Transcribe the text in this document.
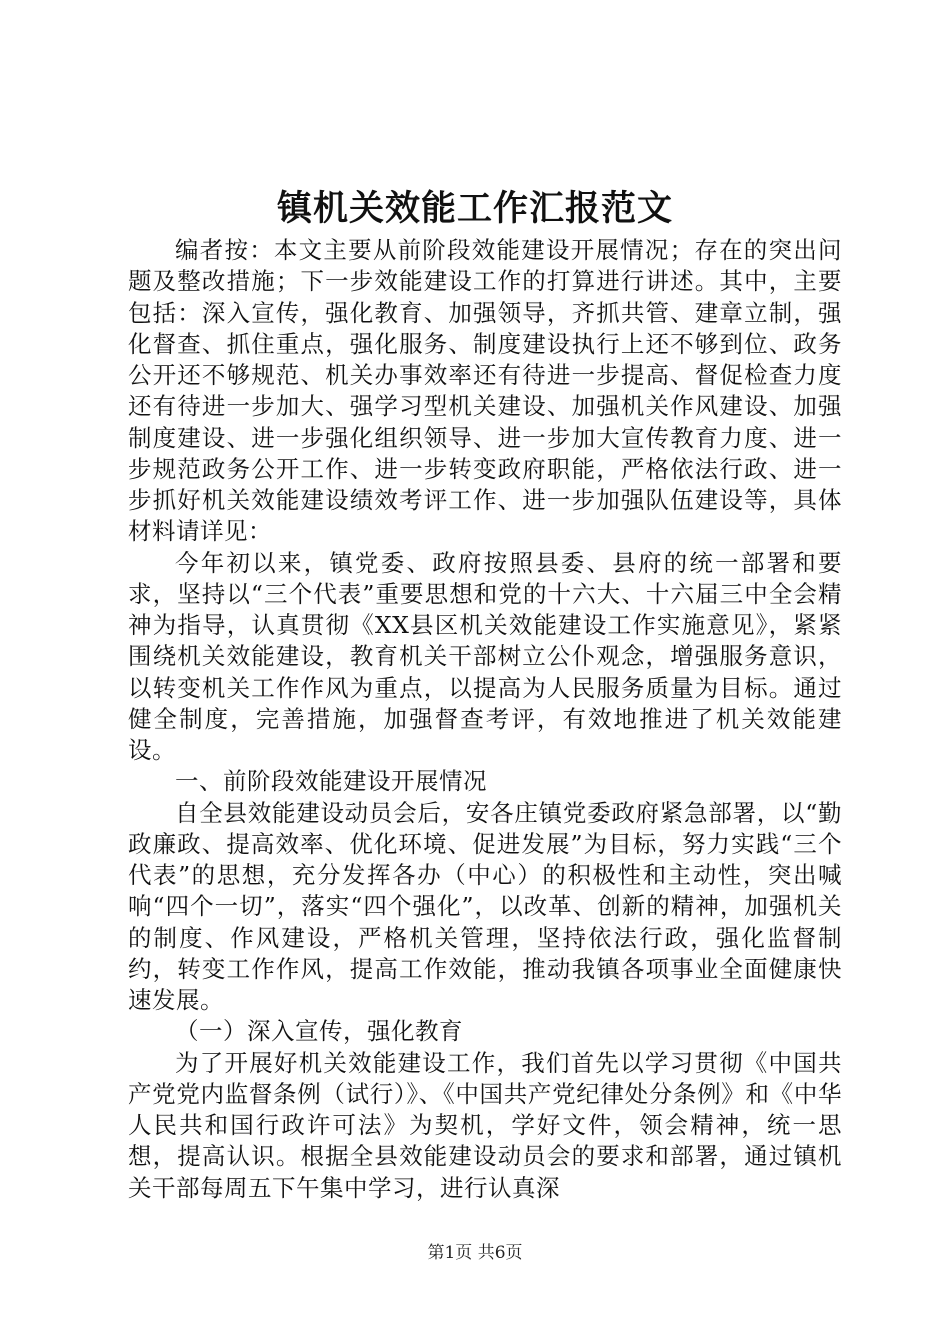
镇机关效能工作汇报范文

编者按：本文主要从前阶段效能建设开展情况；存在的突出问题及整改措施；下一步效能建设工作的打算进行讲述。其中，主要包括：深入宣传，强化教育、加强领导，齐抓共管、建章立制，强化督查、抓住重点，强化服务、制度建设执行上还不够到位、政务公开还不够规范、机关办事效率还有待进一步提高、督促检查力度还有待进一步加大、强学习型机关建设、加强机关作风建设、加强制度建设、进一步强化组织领导、进一步加大宣传教育力度、进一步规范政务公开工作、进一步转变政府职能，严格依法行政、进一步抓好机关效能建设绩效考评工作、进一步加强队伍建设等，具体材料请详见：

今年初以来，镇党委、政府按照县委、县府的统一部署和要求，坚持以“三个代表”重要思想和党的十六大、十六届三中全会精神为指导，认真贯彻《XX县区机关效能建设工作实施意见》，紧紧围绕机关效能建设，教育机关干部树立公仆观念，增强服务意识，以转变机关工作作风为重点，以提高为人民服务质量为目标。通过健全制度，完善措施，加强督查考评，有效地推进了机关效能建设。

一、前阶段效能建设开展情况

自全县效能建设动员会后，安各庄镇党委政府紧急部署，以“勤政廉政、提高效率、优化环境、促进发展”为目标，努力实践“三个代表”的思想，充分发挥各办（中心）的积极性和主动性，突出喊响“四个一切”，落实“四个强化”，以改革、创新的精神，加强机关的制度、作风建设，严格机关管理，坚持依法行政，强化监督制约，转变工作作风，提高工作效能，推动我镇各项事业全面健康快速发展。

（一）深入宣传，强化教育

为了开展好机关效能建设工作，我们首先以学习贯彻《中国共产党党内监督条例（试行）》、《中国共产党纪律处分条例》和《中华人民共和国行政许可法》为契机，学好文件，领会精神，统一思想，提高认识。根据全县效能建设动员会的要求和部署，通过镇机关干部每周五下午集中学习，进行认真深

第1页 共6页
